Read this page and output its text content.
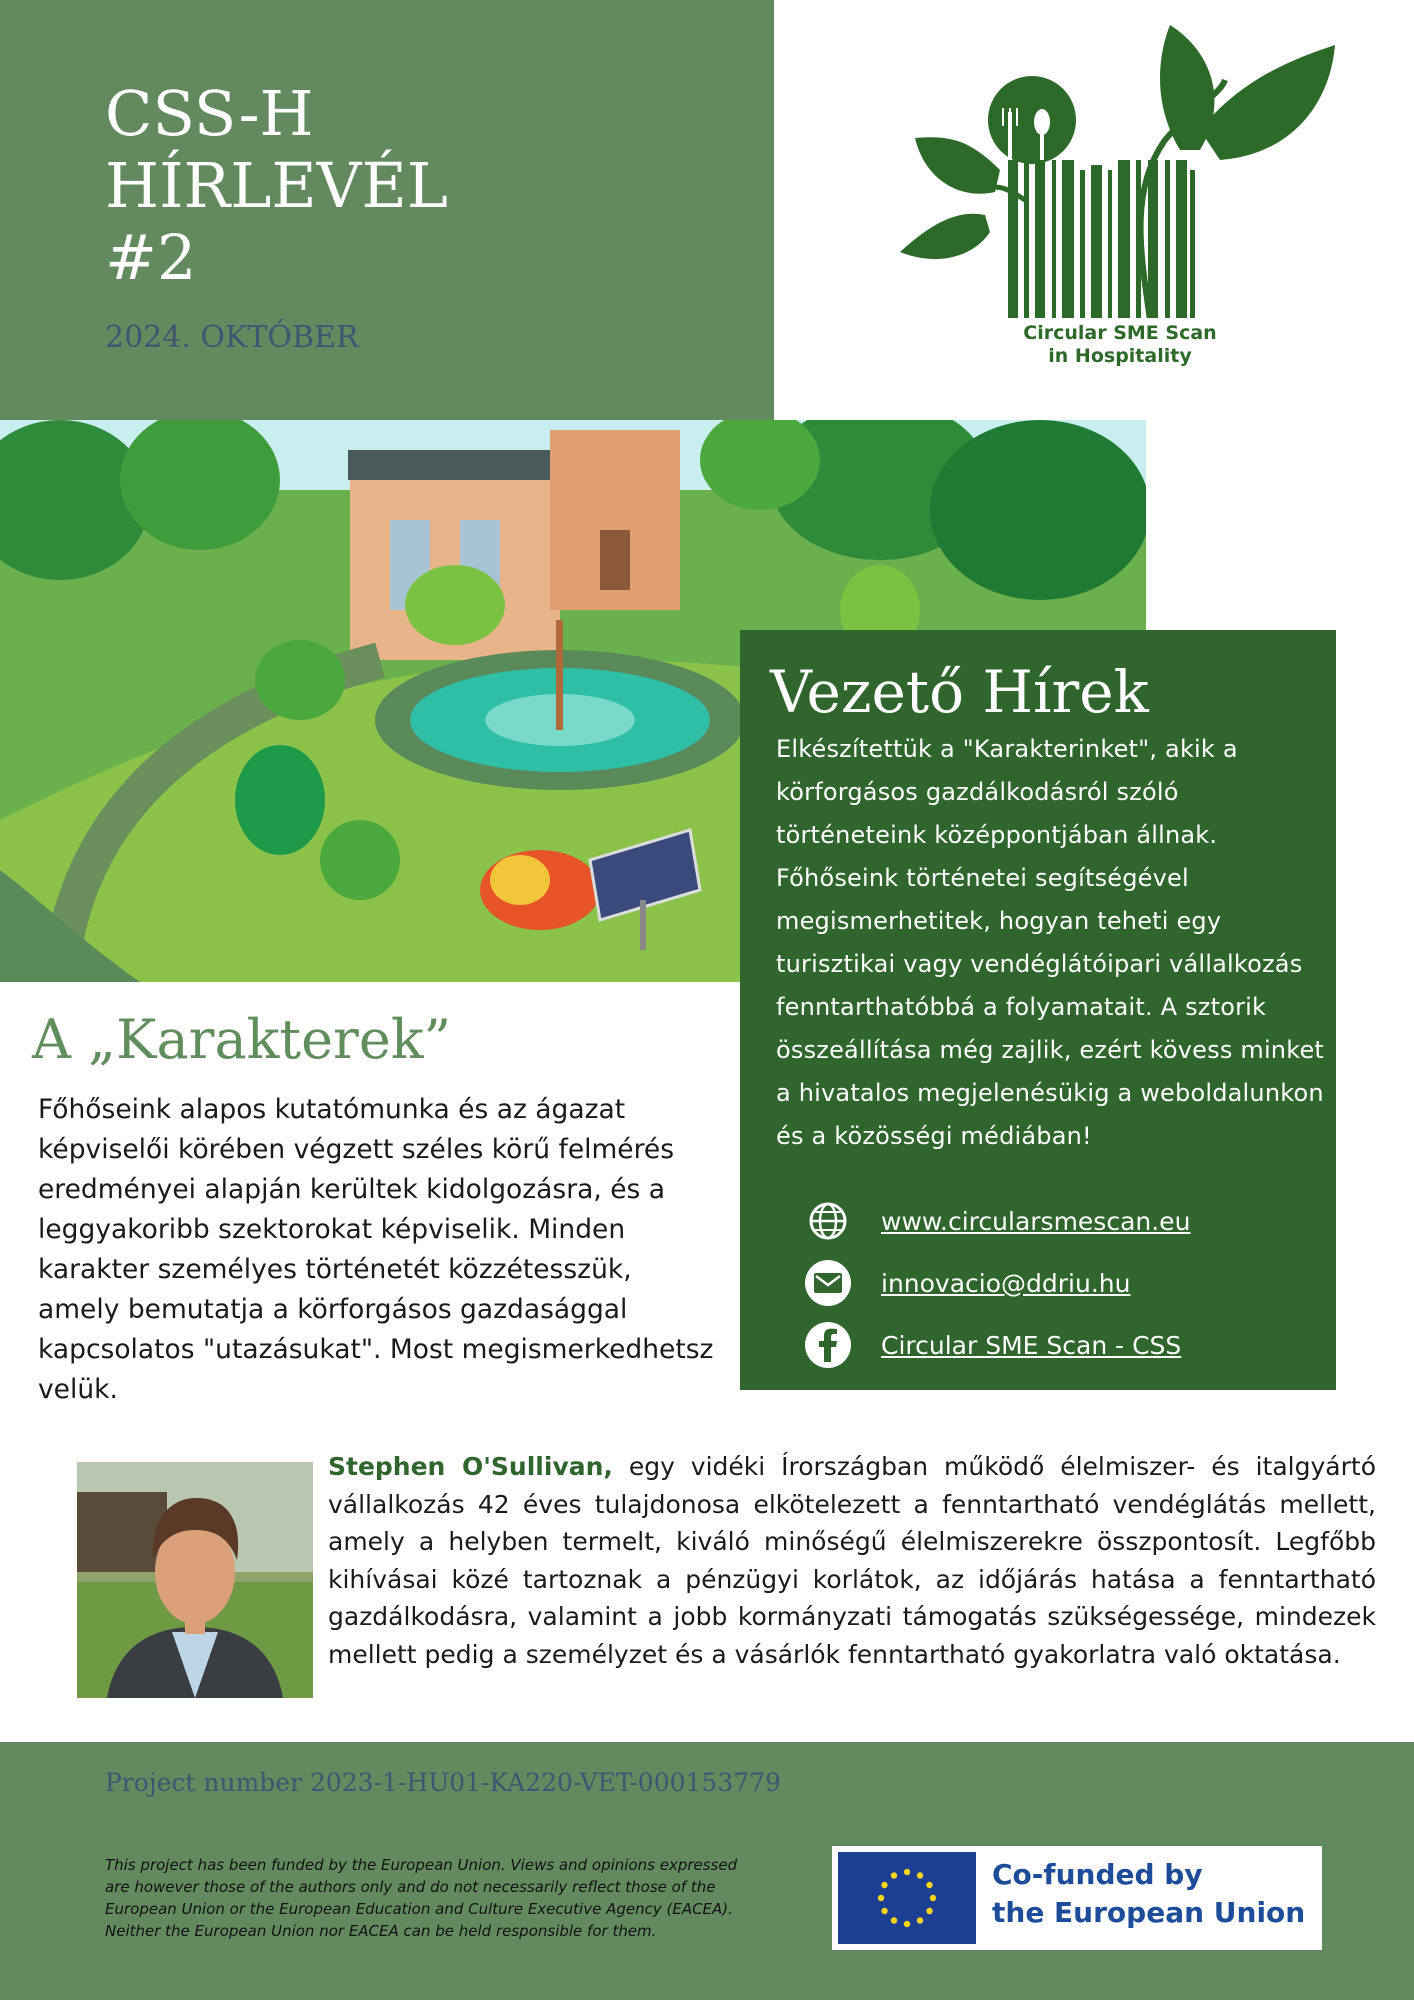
CSS-H
HÍRLEVÉL
#2
2024. OKTÓBER	Circular SME Scan
in Hospitality
Vezető Hírek

Elkészítettük a "Karakterinket", akik a körforgásos gazdálkodásról szóló történeteink középpontjában állnak. Főhőseink történetei segítségével megismerhetitek, hogyan teheti egy turisztikai vagy vendéglátóipari vállalkozás fenntarthatóbbá a folyamatait. A sztorik összeállítása még zajlik, ezért kövess minket a hivatalos megjelenésükig a weboldalunkon és a közösségi médiában!

www.circularsmescan.eu
innovacio@ddriu.hu
Circular SME Scan - CSS
A „Karakterek”

Főhőseink alapos kutatómunka és az ágazat képviselői körében végzett széles körű felmérés eredményei alapján kerültek kidolgozásra, és a leggyakoribb szektorokat képviselik. Minden karakter személyes történetét közzétesszük, amely bemutatja a körforgásos gazdasággal kapcsolatos "utazásukat". Most megismerkedhetsz velük.

Stephen O'Sullivan, egy vidéki Írországban működő élelmiszer- és italgyártó vállalkozás 42 éves tulajdonosa elkötelezett a fenntartható vendéglátás mellett, amely a helyben termelt, kiváló minőségű élelmiszerekre összpontosít. Legfőbb kihívásai közé tartoznak a pénzügyi korlátok, az időjárás hatása a fenntartható gazdálkodásra, valamint a jobb kormányzati támogatás szükségessége, mindezek mellett pedig a személyzet és a vásárlók fenntartható gyakorlatra való oktatása.

Project number 2023-1-HU01-KA220-VET-000153779

This project has been funded by the European Union. Views and opinions expressed are however those of the authors only and do not necessarily reflect those of the European Union or the European Education and Culture Executive Agency (EACEA). Neither the European Union nor EACEA can be held responsible for them.

Co-funded by
the European Union
